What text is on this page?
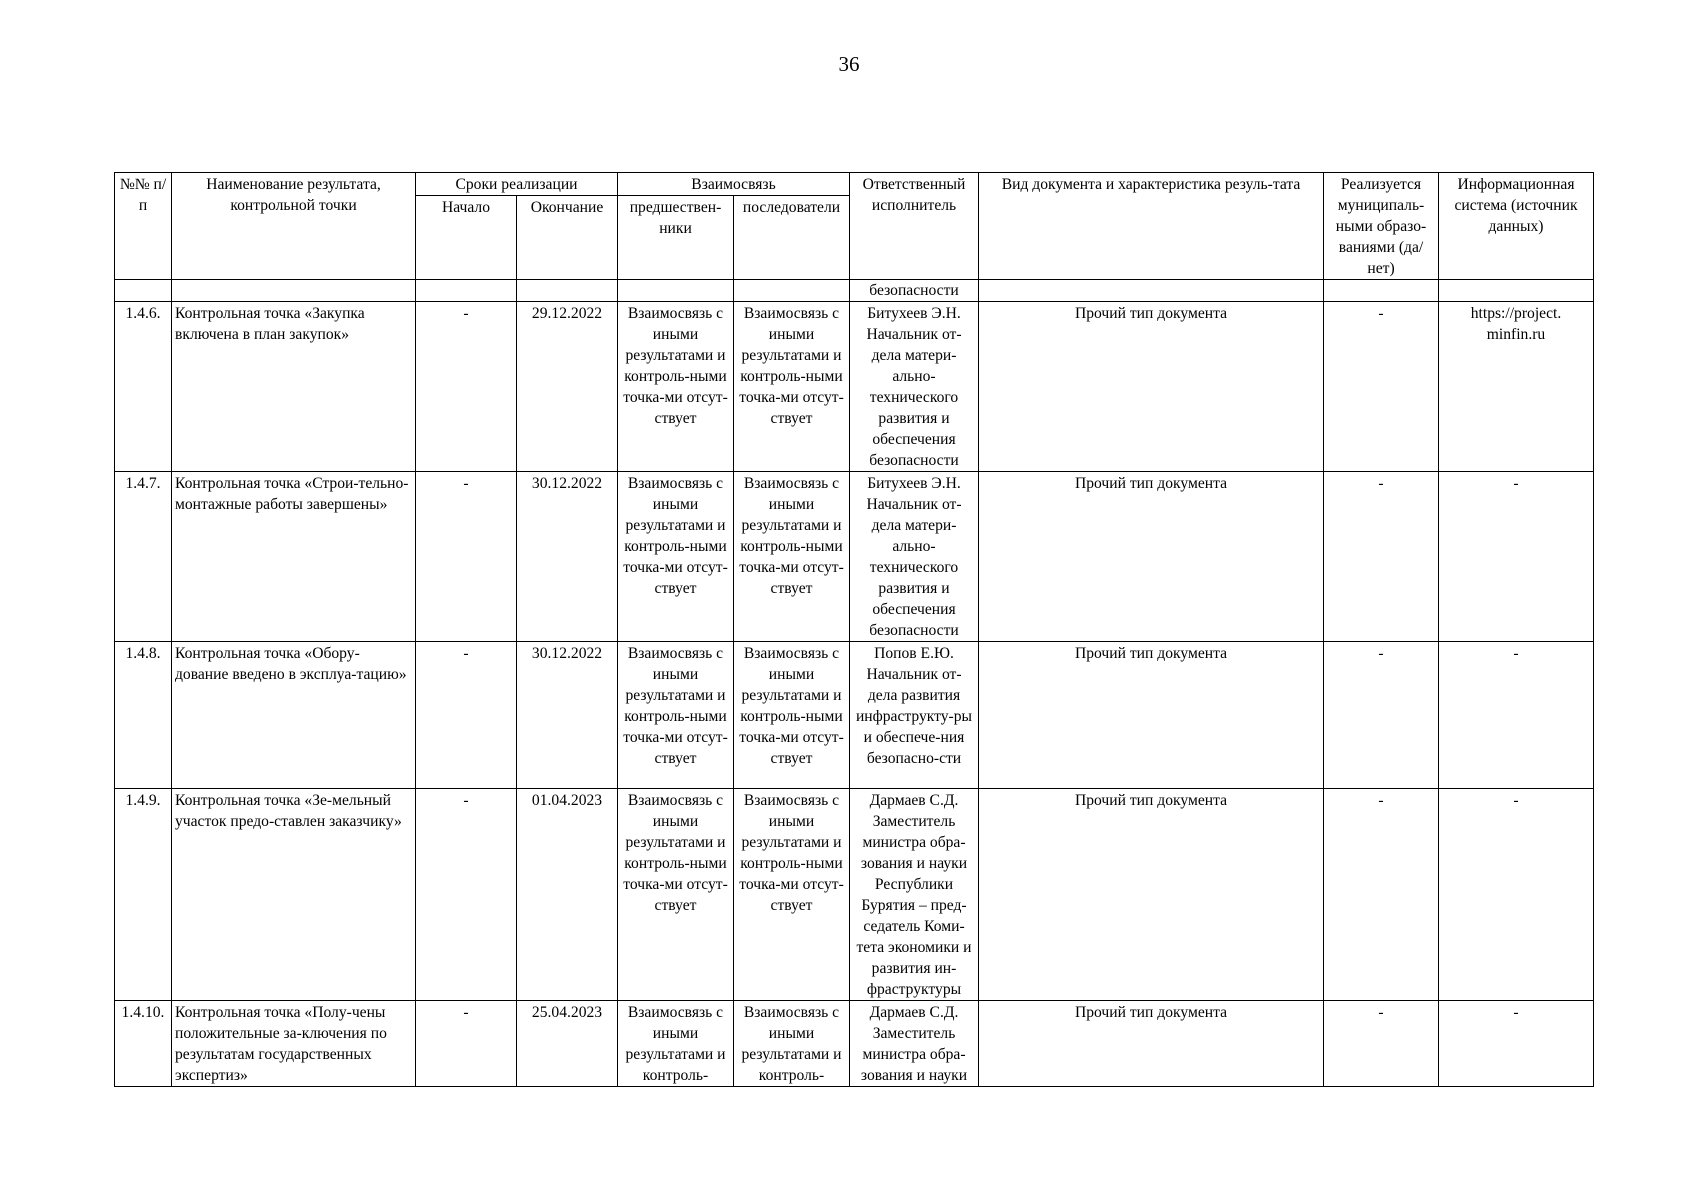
36
№№ п/п	Наименование результата, контрольной точки	Сроки реализации		Взаимосвязь		Ответственный исполнитель	Вид документа и характеристика резуль-тата	Реализуется муниципаль-ными образо-ваниями (да/нет)	Информационная система (источник данных)
		Начало	Окончание	предшествен-ники	последователи				
						безопасности			
1.4.6.	Контрольная точка «Закупка включена в план закупок»	-	29.12.2022	Взаимосвязь с иными результатами и контроль-ными точка-ми отсут-ствует	Взаимосвязь с иными результатами и контроль-ными точка-ми отсут-ствует	Битухеев Э.Н. Начальник от-дела матери-ально-технического развития и обеспечения безопасности	Прочий тип документа	-	https://project. minfin.ru
1.4.7.	Контрольная точка «Строи-тельно-монтажные работы завершены»	-	30.12.2022	Взаимосвязь с иными результатами и контроль-ными точка-ми отсут-ствует	Взаимосвязь с иными результатами и контроль-ными точка-ми отсут-ствует	Битухеев Э.Н. Начальник от-дела матери-ально-технического развития и обеспечения безопасности	Прочий тип документа	-	-
1.4.8.	Контрольная точка «Обору-дование введено в эксплуа-тацию»	-	30.12.2022	Взаимосвязь с иными результатами и контроль-ными точка-ми отсут-ствует	Взаимосвязь с иными результатами и контроль-ными точка-ми отсут-ствует	Попов Е.Ю. Начальник от-дела развития инфраструкту-ры и обеспече-ния безопасно-сти	Прочий тип документа	-	-
1.4.9.	Контрольная точка «Зе-мельный участок предо-ставлен заказчику»	-	01.04.2023	Взаимосвязь с иными результатами и контроль-ными точка-ми отсут-ствует	Взаимосвязь с иными результатами и контроль-ными точка-ми отсут-ствует	Дармаев С.Д. Заместитель министра обра-зования и науки Республики Бурятия – пред-седатель Коми-тета экономики и развития ин-фраструктуры	Прочий тип документа	-	-
1.4.10.	Контрольная точка «Полу-чены положительные за-ключения по результатам государственных экспертиз»	-	25.04.2023	Взаимосвязь с иными результатами и контроль-	Взаимосвязь с иными результатами и контроль-	Дармаев С.Д. Заместитель министра обра-зования и науки	Прочий тип документа	-	-
